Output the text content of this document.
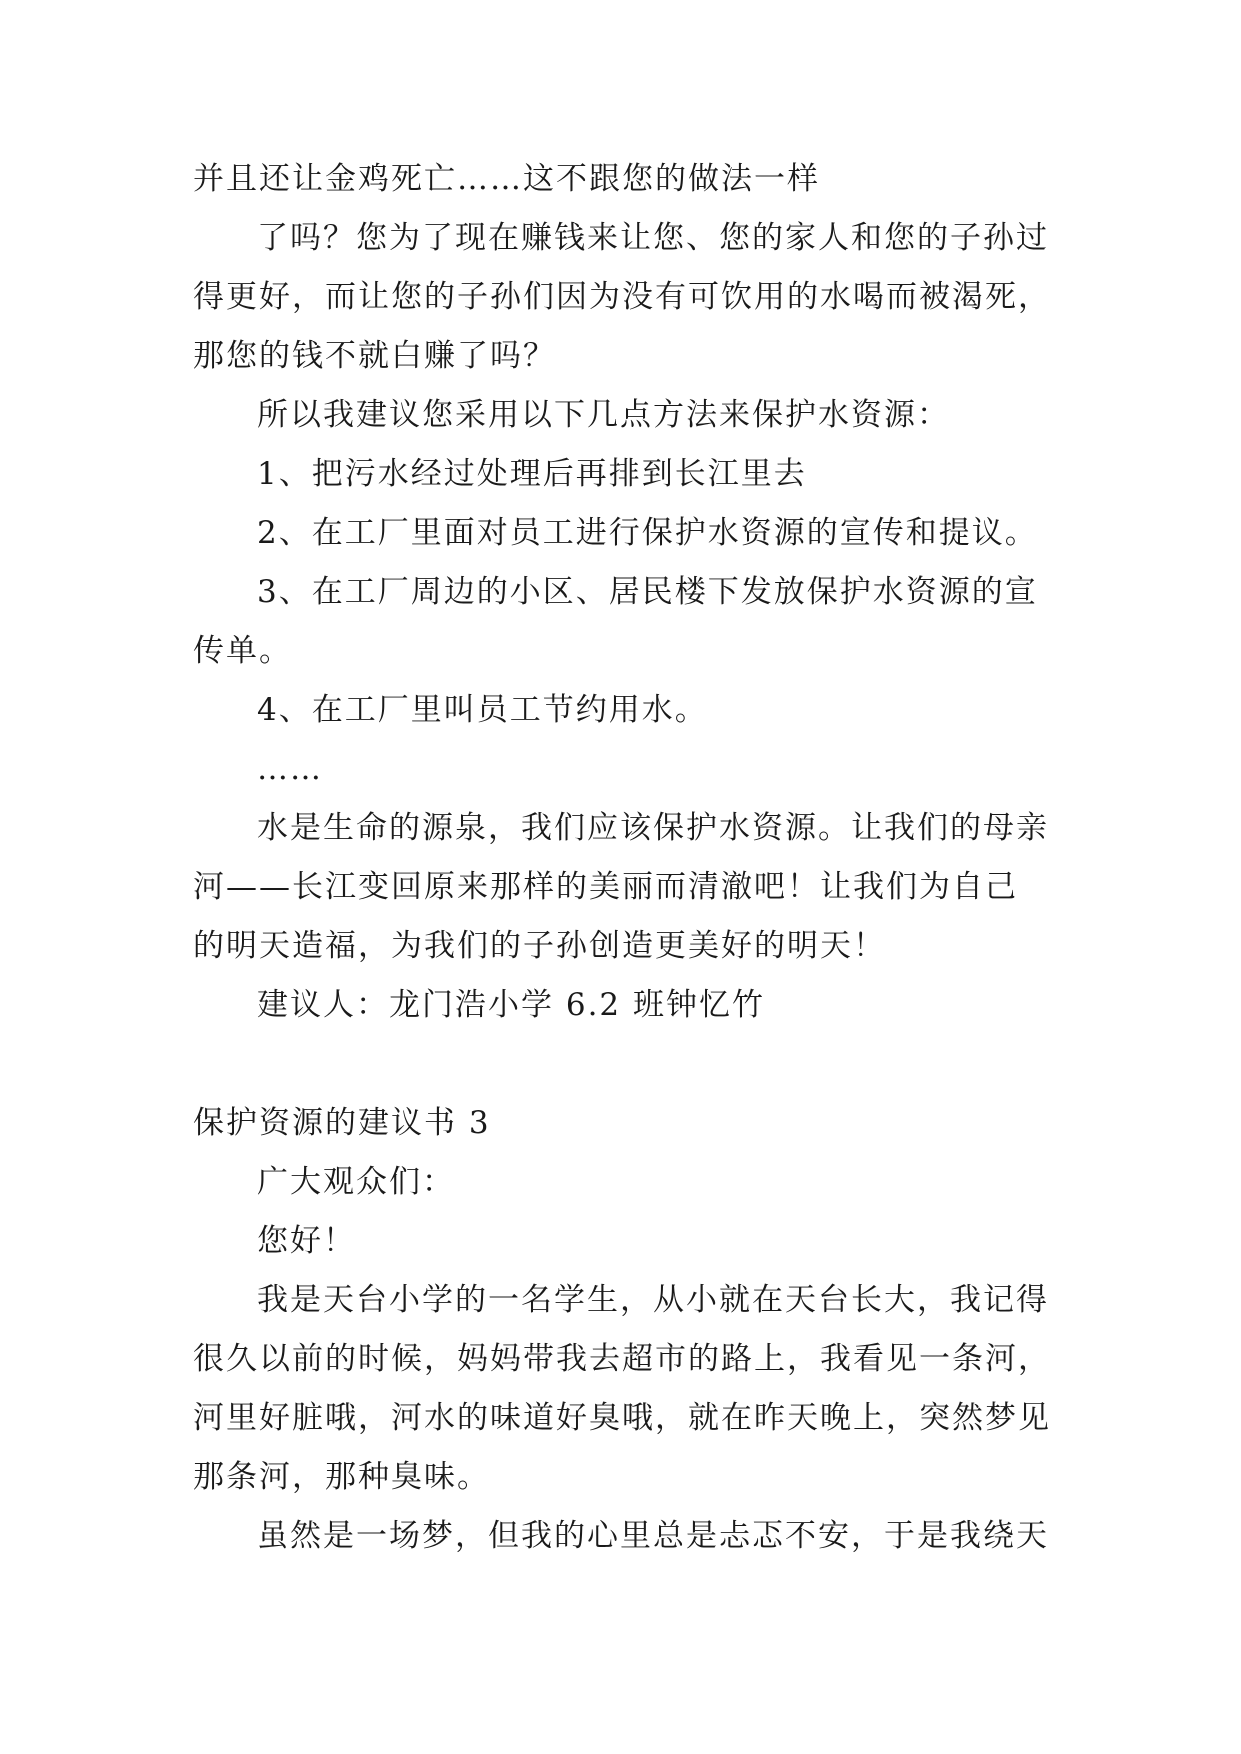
并且还让金鸡死亡……这不跟您的做法一样

了吗？您为了现在赚钱来让您、您的家人和您的子孙过

得更好，而让您的子孙们因为没有可饮用的水喝而被渴死，

那您的钱不就白赚了吗？

所以我建议您采用以下几点方法来保护水资源：

1、把污水经过处理后再排到长江里去

2、在工厂里面对员工进行保护水资源的宣传和提议。

3、在工厂周边的小区、居民楼下发放保护水资源的宣

传单。

4、在工厂里叫员工节约用水。

……

水是生命的源泉，我们应该保护水资源。让我们的母亲

河——长江变回原来那样的美丽而清澈吧！让我们为自己

的明天造福，为我们的子孙创造更美好的明天！

建议人：龙门浩小学 6.2 班钟忆竹

保护资源的建议书 3

广大观众们：

您好！

我是天台小学的一名学生，从小就在天台长大，我记得

很久以前的时候，妈妈带我去超市的路上，我看见一条河，

河里好脏哦，河水的味道好臭哦，就在昨天晚上，突然梦见

那条河，那种臭味。

虽然是一场梦，但我的心里总是忐忑不安，于是我绕天
